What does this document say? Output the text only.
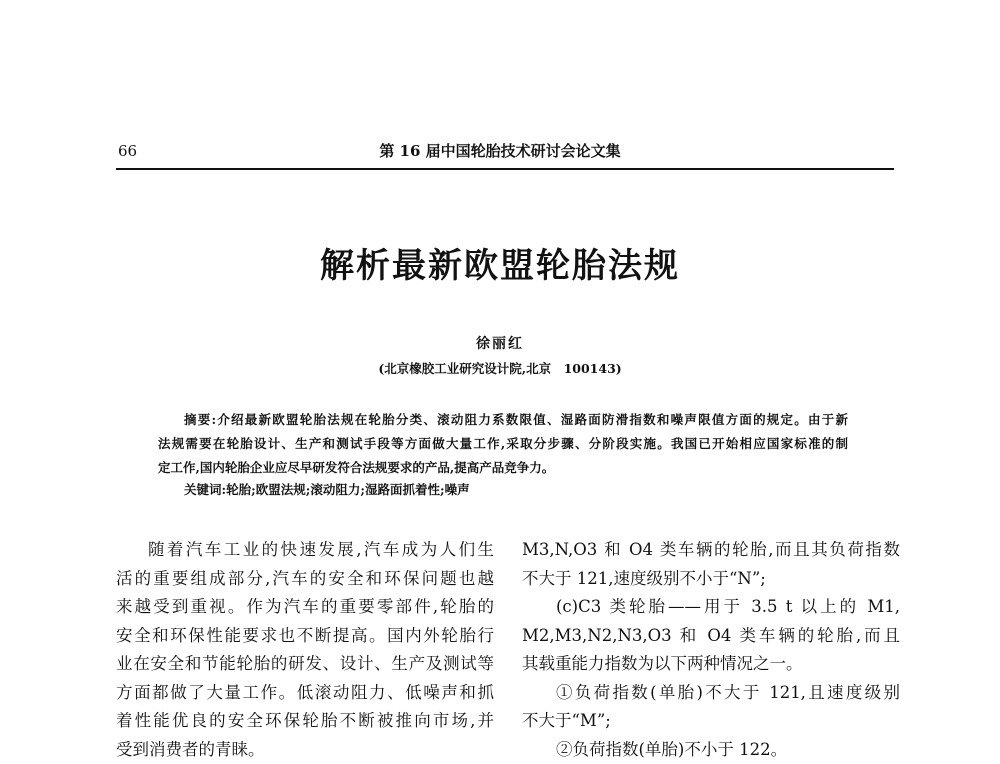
66	第 16 届中国轮胎技术研讨会论文集
解析最新欧盟轮胎法规
徐丽红
(北京橡胶工业研究设计院,北京　100143)
摘要:介绍最新欧盟轮胎法规在轮胎分类、滚动阻力系数限值、湿路面防滑指数和噪声限值方面的规定。由于新
法规需要在轮胎设计、生产和测试手段等方面做大量工作,采取分步骤、分阶段实施。我国已开始相应国家标准的制
定工作,国内轮胎企业应尽早研发符合法规要求的产品,提高产品竞争力。
关键词:轮胎;欧盟法规;滚动阻力;湿路面抓着性;噪声
随着汽车工业的快速发展,汽车成为人们生
活的重要组成部分,汽车的安全和环保问题也越
来越受到重视。作为汽车的重要零部件,轮胎的
安全和环保性能要求也不断提高。国内外轮胎行
业在安全和节能轮胎的研发、设计、生产及测试等
方面都做了大量工作。低滚动阻力、低噪声和抓
着性能优良的安全环保轮胎不断被推向市场,并
受到消费者的青睐。
M3,N,O3 和 O4 类车辆的轮胎,而且其负荷指数
不大于 121,速度级别不小于“N”;
(c)C3 类轮胎——用于 3.5 t 以上的 M1,
M2,M3,N2,N3,O3 和 O4 类车辆的轮胎,而且
其载重能力指数为以下两种情况之一。
①负荷指数(单胎)不大于 121,且速度级别
不大于“M”;
②负荷指数(单胎)不小于 122。
